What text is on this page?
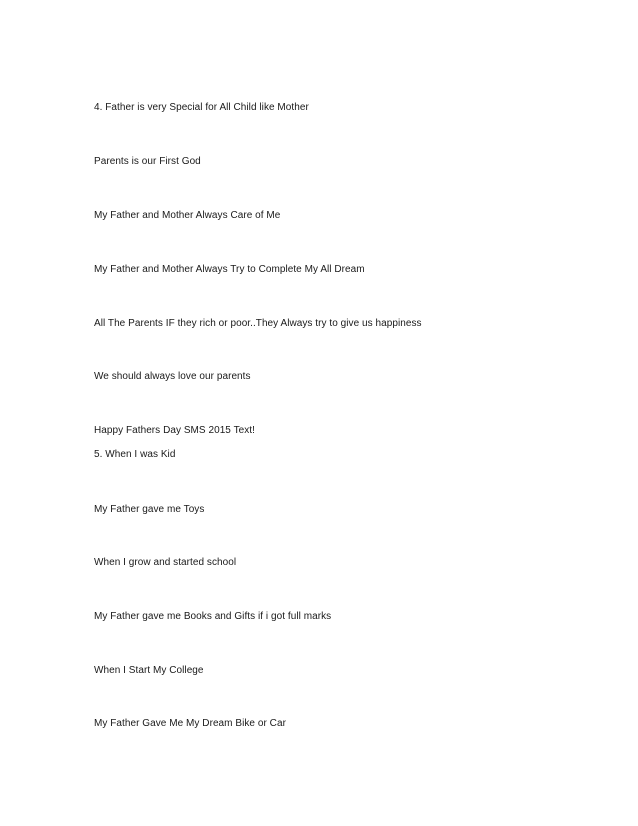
4. Father is very Special for All Child like Mother

Parents is our First God

My Father and Mother Always Care of Me

My Father and Mother Always Try to Complete My All Dream

All The Parents IF they rich or poor..They Always try to give us happiness

We should always love our parents

Happy Fathers Day SMS 2015 Text!

5. When I was Kid

My Father gave me Toys

When I grow and started school

My Father gave me Books and Gifts if i got full marks

When I Start My College

My Father Gave Me My Dream Bike or Car
